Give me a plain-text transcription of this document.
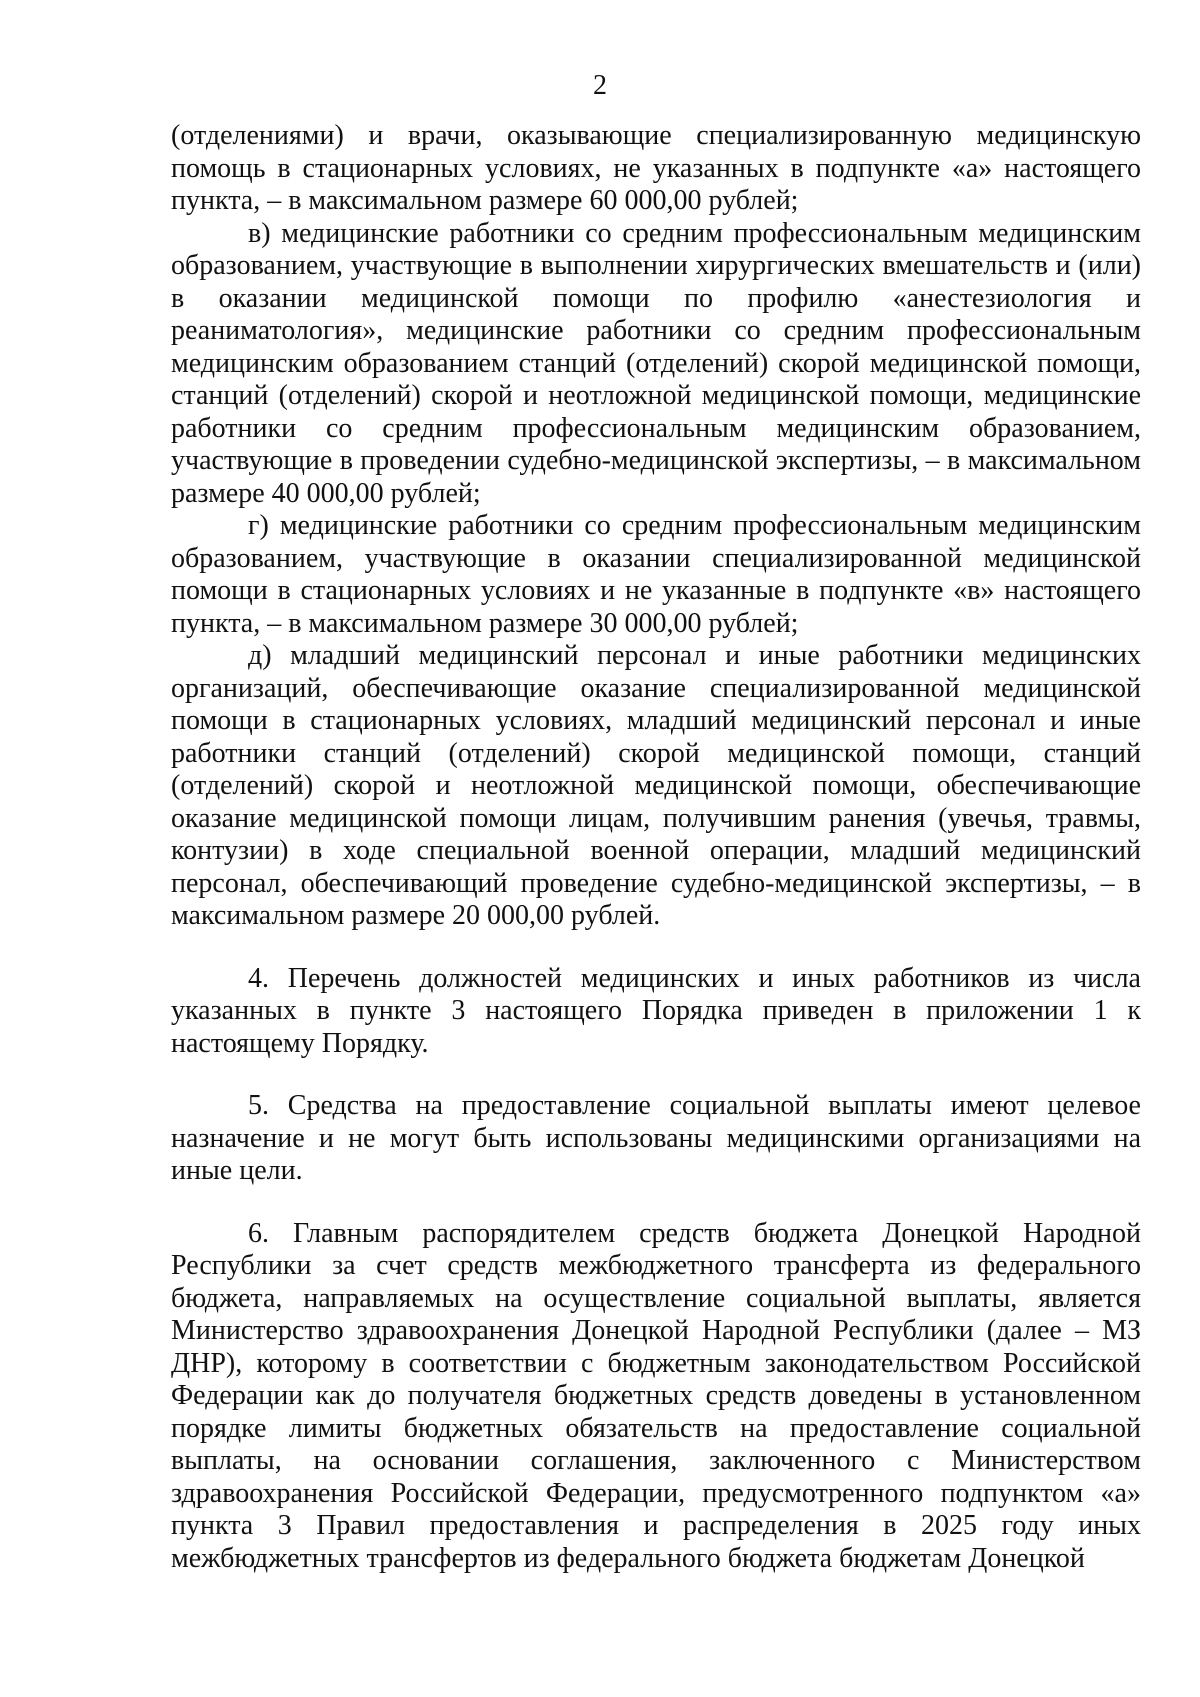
2

(отделениями) и врачи, оказывающие специализированную медицинскую помощь в стационарных условиях, не указанных в подпункте «а» настоящего пункта, – в максимальном размере 60 000,00 рублей;

в) медицинские работники со средним профессиональным медицинским образованием, участвующие в выполнении хирургических вмешательств и (или) в оказании медицинской помощи по профилю «анестезиология и реаниматология», медицинские работники со средним профессиональным медицинским образованием станций (отделений) скорой медицинской помощи, станций (отделений) скорой и неотложной медицинской помощи, медицинские работники со средним профессиональным медицинским образованием, участвующие в проведении судебно-медицинской экспертизы, – в максимальном размере 40 000,00 рублей;

г) медицинские работники со средним профессиональным медицинским образованием, участвующие в оказании специализированной медицинской помощи в стационарных условиях и не указанные в подпункте «в» настоящего пункта, – в максимальном размере 30 000,00 рублей;

д) младший медицинский персонал и иные работники медицинских организаций, обеспечивающие оказание специализированной медицинской помощи в стационарных условиях, младший медицинский персонал и иные работники станций (отделений) скорой медицинской помощи, станций (отделений) скорой и неотложной медицинской помощи, обеспечивающие оказание медицинской помощи лицам, получившим ранения (увечья, травмы, контузии) в ходе специальной военной операции, младший медицинский персонал, обеспечивающий проведение судебно-медицинской экспертизы, – в максимальном размере 20 000,00 рублей.

4. Перечень должностей медицинских и иных работников из числа указанных в пункте 3 настоящего Порядка приведен в приложении 1 к настоящему Порядку.

5. Средства на предоставление социальной выплаты имеют целевое назначение и не могут быть использованы медицинскими организациями на иные цели.

6. Главным распорядителем средств бюджета Донецкой Народной Республики за счет средств межбюджетного трансферта из федерального бюджета, направляемых на осуществление социальной выплаты, является Министерство здравоохранения Донецкой Народной Республики (далее – МЗ ДНР), которому в соответствии с бюджетным законодательством Российской Федерации как до получателя бюджетных средств доведены в установленном порядке лимиты бюджетных обязательств на предоставление социальной выплаты, на основании соглашения, заключенного с Министерством здравоохранения Российской Федерации, предусмотренного подпунктом «а» пункта 3 Правил предоставления и распределения в 2025 году иных межбюджетных трансфертов из федерального бюджета бюджетам Донецкой
